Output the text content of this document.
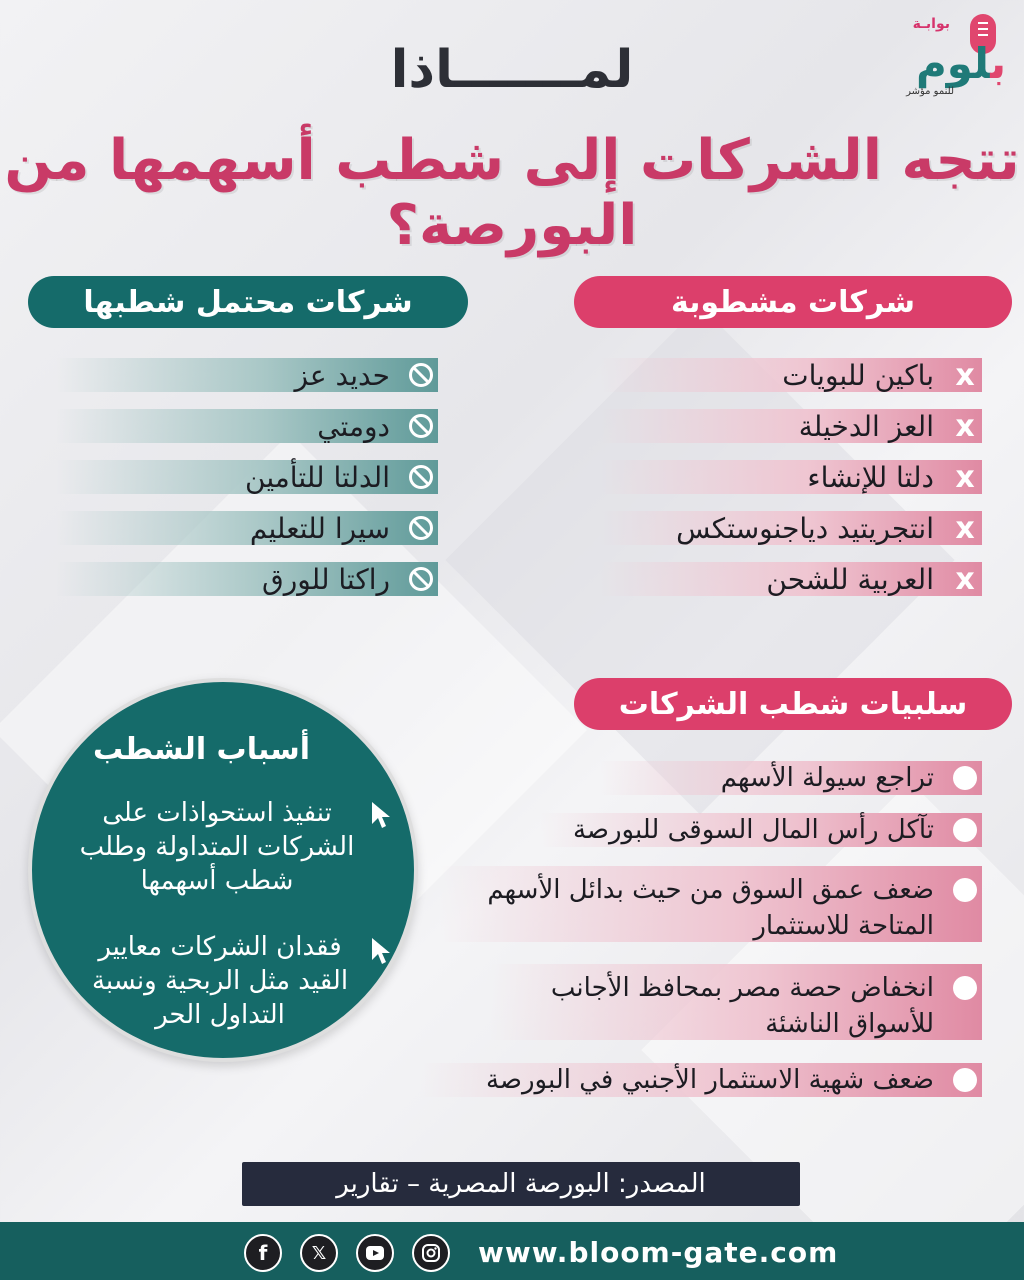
بوابـة
بلوم
للنمو مؤشر
لمـــــــاذا
تتجه الشركات إلى شطب أسهمها من البورصة؟
شركات مشطوبة
x
باكين للبويات
x
العز الدخيلة
x
دلتا للإنشاء
x
انتجريتيد دياجنوستكس
x
العربية للشحن
شركات محتمل شطبها
حديد عز
دومتي
الدلتا للتأمين
سيرا للتعليم
راكتا للورق
سلبيات شطب الشركات
تراجع سيولة الأسهم
تآكل رأس المال السوقى للبورصة
ضعف عمق السوق من حيث بدائل الأسهم المتاحة للاستثمار
انخفاض حصة مصر بمحافظ الأجانب للأسواق الناشئة
ضعف شهية الاستثمار الأجنبي في البورصة
أسباب الشطب
تنفيذ استحواذات على الشركات المتداولة وطلب شطب أسهمها
فقدان الشركات معايير القيد مثل الربحية ونسبة التداول الحر
المصدر: البورصة المصرية – تقارير
f 𝕏	www.bloom-gate.com
